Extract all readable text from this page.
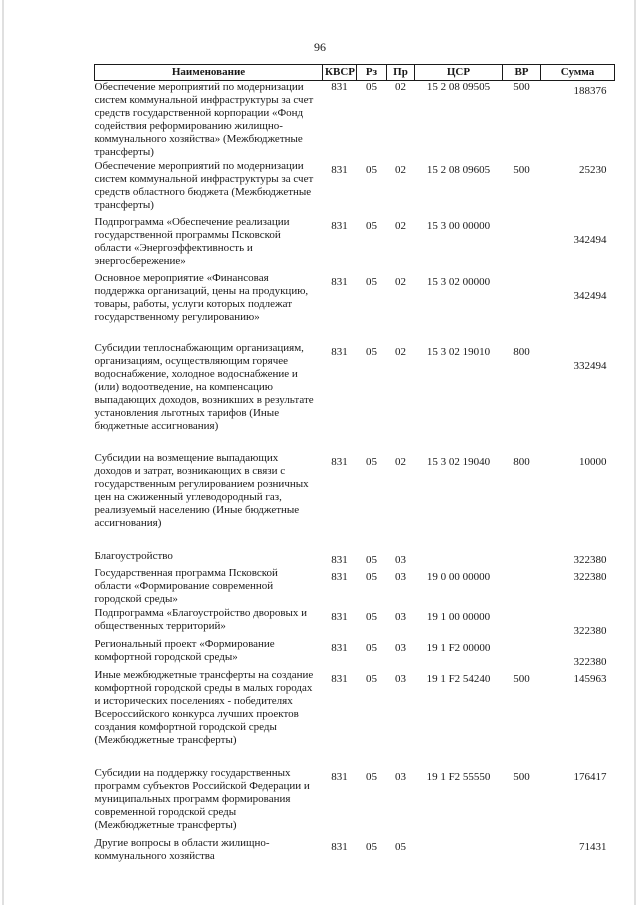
96
Наименование	КВСР	Рз	Пр	ЦСР	ВР	Сумма
Обеспечение мероприятий по модернизации систем коммунальной инфраструктуры за счет средств государственной корпорации «Фонд содействия реформированию жилищно-коммунального хозяйства» (Межбюджетные трансферты)	831	05	02	15 2 08 09505	500	188376
Обеспечение мероприятий по модернизации систем коммунальной инфраструктуры за счет средств областного бюджета (Межбюджетные трансферты)	831	05	02	15 2 08 09605	500	25230
Подпрограмма «Обеспечение реализации государственной программы Псковской области «Энергоэффективность и энергосбережение»	831	05	02	15 3 00 00000		342494
Основное мероприятие «Финансовая поддержка организаций, цены на продукцию, товары, работы, услуги которых подлежат государственному регулированию»	831	05	02	15 3 02 00000		342494
Субсидии теплоснабжающим организациям, организациям, осуществляющим горячее водоснабжение, холодное водоснабжение и (или) водоотведение, на компенсацию выпадающих доходов, возникших в результате установления льготных тарифов (Иные бюджетные ассигнования)	831	05	02	15 3 02 19010	800	332494
Субсидии на возмещение выпадающих доходов и затрат, возникающих в связи с государственным регулированием розничных цен на сжиженный углеводородный газ, реализуемый населению (Иные бюджетные ассигнования)	831	05	02	15 3 02 19040	800	10000
Благоустройство	831	05	03			322380
Государственная программа Псковской области «Формирование современной городской среды»	831	05	03	19 0 00 00000		322380
Подпрограмма «Благоустройство дворовых и общественных территорий»	831	05	03	19 1 00 00000		322380
Региональный проект «Формирование комфортной городской среды»	831	05	03	19 1 F2 00000		322380
Иные межбюджетные трансферты на создание комфортной городской среды в малых городах и исторических поселениях - победителях Всероссийского конкурса лучших проектов создания комфортной городской среды (Межбюджетные трансферты)	831	05	03	19 1 F2 54240	500	145963
Субсидии на поддержку государственных программ субъектов Российской Федерации и муниципальных программ формирования современной городской среды (Межбюджетные трансферты)	831	05	03	19 1 F2 55550	500	176417
Другие вопросы в области жилищно-коммунального хозяйства	831	05	05			71431
